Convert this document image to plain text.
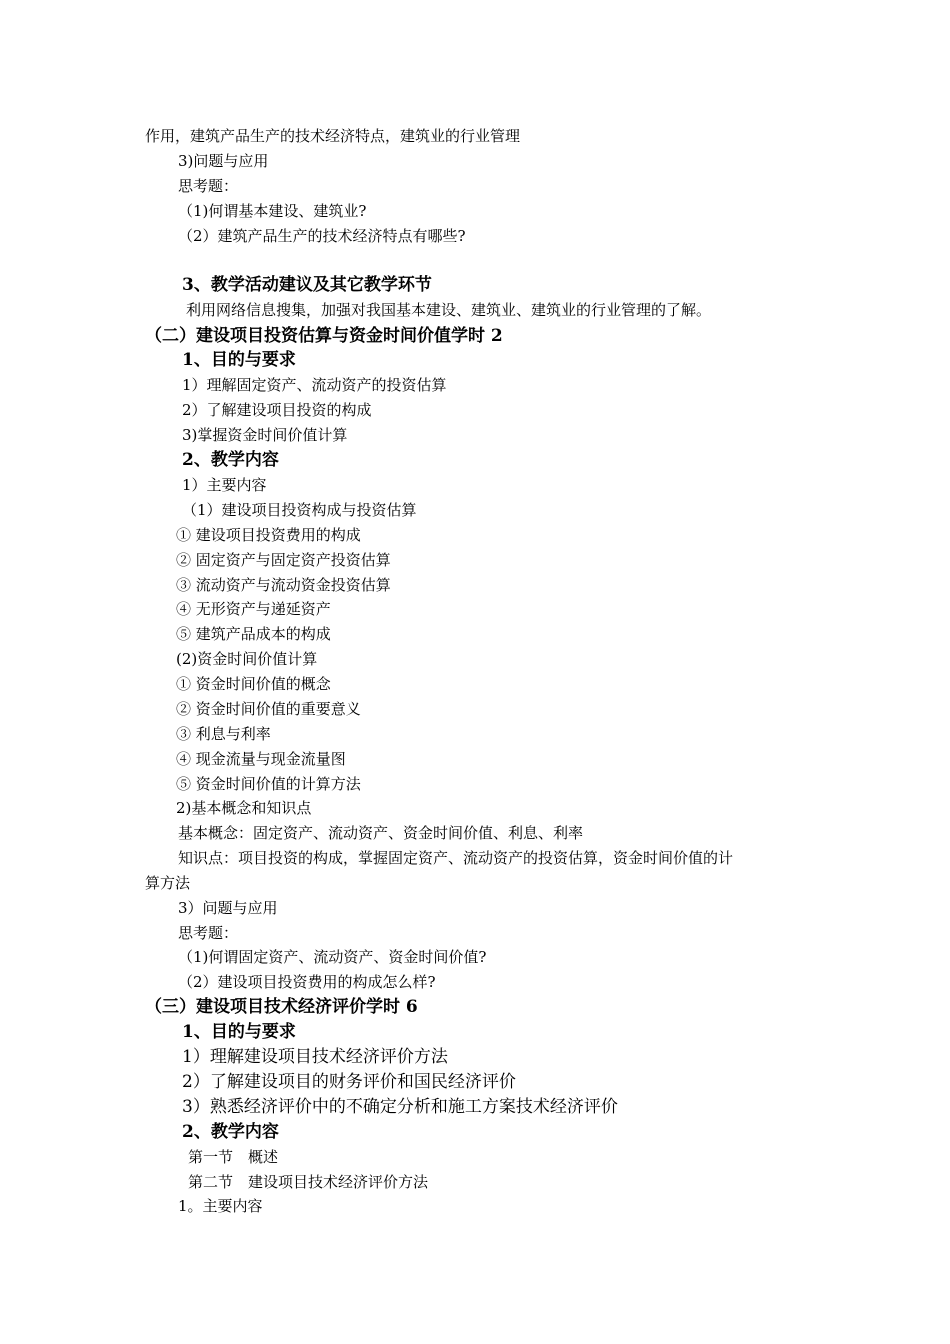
作用，建筑产品生产的技术经济特点，建筑业的行业管理
3)问题与应用
思考题：
（1)何谓基本建设、建筑业?
（2）建筑产品生产的技术经济特点有哪些?
3、教学活动建议及其它教学环节
利用网络信息搜集，加强对我国基本建设、建筑业、建筑业的行业管理的了解。
（二）建设项目投资估算与资金时间价值学时 2
1、目的与要求
1）理解固定资产、流动资产的投资估算
2）了解建设项目投资的构成
3)掌握资金时间价值计算
2、教学内容
1）主要内容
（1）建设项目投资构成与投资估算
① 建设项目投资费用的构成
② 固定资产与固定资产投资估算
③ 流动资产与流动资金投资估算
④ 无形资产与递延资产
⑤ 建筑产品成本的构成
(2)资金时间价值计算
① 资金时间价值的概念
② 资金时间价值的重要意义
③ 利息与利率
④ 现金流量与现金流量图
⑤ 资金时间价值的计算方法
2)基本概念和知识点
基本概念：固定资产、流动资产、资金时间价值、利息、利率
知识点：项目投资的构成，掌握固定资产、流动资产的投资估算，资金时间价值的计
算方法
3）问题与应用
思考题：
（1)何谓固定资产、流动资产、资金时间价值?
（2）建设项目投资费用的构成怎么样?
（三）建设项目技术经济评价学时 6
1、目的与要求
1）理解建设项目技术经济评价方法
2）了解建设项目的财务评价和国民经济评价
3）熟悉经济评价中的不确定分析和施工方案技术经济评价
2、教学内容
第一节　概述
第二节　建设项目技术经济评价方法
1。主要内容
